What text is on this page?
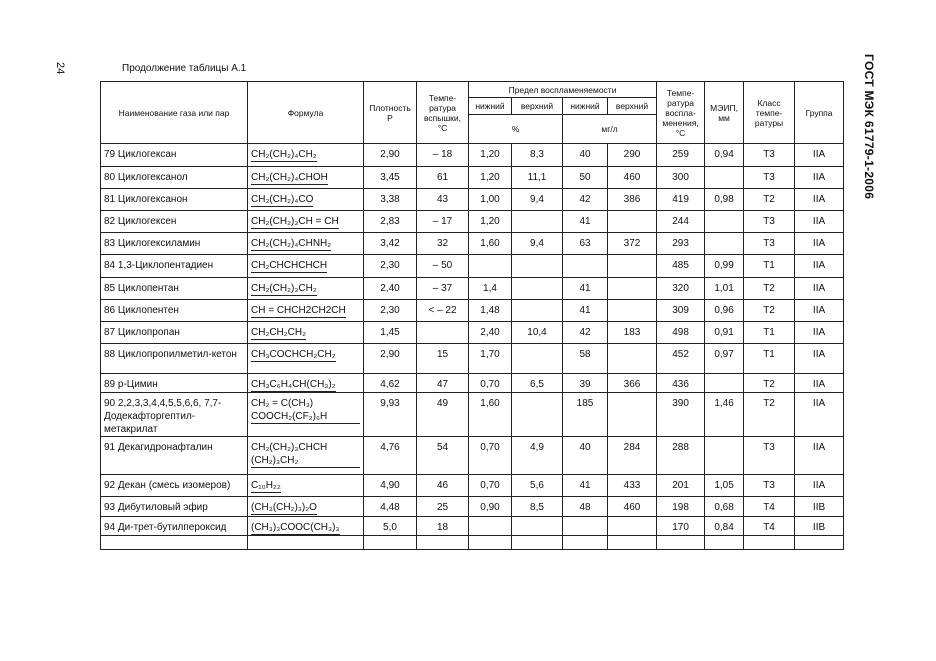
24	ГОСТ МЭК 61779-1-2006
Продолжение таблицы А.1
Наименование газа или пар	Формула	Плотность Р	Темпе-ратура вспышки, °С	Предел воспламеняемости				Темпе-ратура воспла-менения, °С	МЭИП, мм	Класс темпе-ратуры	Группа
				нижний	верхний	нижний	верхний				
				%		мг/л					
79 Циклогексан	CH₂(CH₂)₄CH₂	2,90	– 18	1,20	8,3	40	290	259	0,94	T3	IIA
80 Циклогексанол	CH₂(CH₂)₄CHOH	3,45	61	1,20	11,1	50	460	300		T3	IIA
81 Циклогексанон	CH₂(CH₂)₄CO	3,38	43	1,00	9,4	42	386	419	0,98	T2	IIA
82 Циклогексен	CH₂(CH₂)₃CH = CH	2,83	– 17	1,20		41		244		T3	IIA
83 Циклогексиламин	CH₂(CH₂)₄CHNH₂	3,42	32	1,60	9,4	63	372	293		T3	IIA
84 1,3-Циклопентадиен	CH₂CHCHCHCH	2,30	– 50					485	0,99	T1	IIA
85 Циклопентан	CH₂(CH₂)₃CH₂	2,40	– 37	1,4		41		320	1,01	T2	IIA
86 Циклопентен	CH = CHCH2CH2CH	2,30	< – 22	1,48		41		309	0,96	T2	IIA
87 Циклопропан	CH₂CH₂CH₂	1,45		2,40	10,4	42	183	498	0,91	T1	IIA
88 Циклопропилметил-кетон	CH₃COCHCH₂CH₂	2,90	15	1,70		58		452	0,97	T1	IIA
89 р-Цимин	CH₃C₆H₄CH(CH₃)₂	4,62	47	0,70	6,5	39	366	436		T2	IIA
90 2,2,3,3,4,4,5,5,6,6, 7,7-Додекафторгептил-метакрилат	CH₂ = C(CH₃) COOCH₂(CF₂)₆H	9,93	49	1,60		185		390	1,46	T2	IIA
91 Декагидронафталин	CH₂(CH₂)₃CHCH (CH₂)₃CH₂	4,76	54	0,70	4,9	40	284	288		T3	IIA
92 Декан (смесь изомеров)	C₁₀H₂₂	4,90	46	0,70	5,6	41	433	201	1,05	T3	IIA
93 Дибутиловый эфир	(CH₃(CH₂)₃)₂O	4,48	25	0,90	8,5	48	460	198	0,68	T4	IIB
94 Ди-трет-бутилпероксид	(CH₃)₃COOC(CH₃)₃	5,0	18					170	0,84	T4	IIB
